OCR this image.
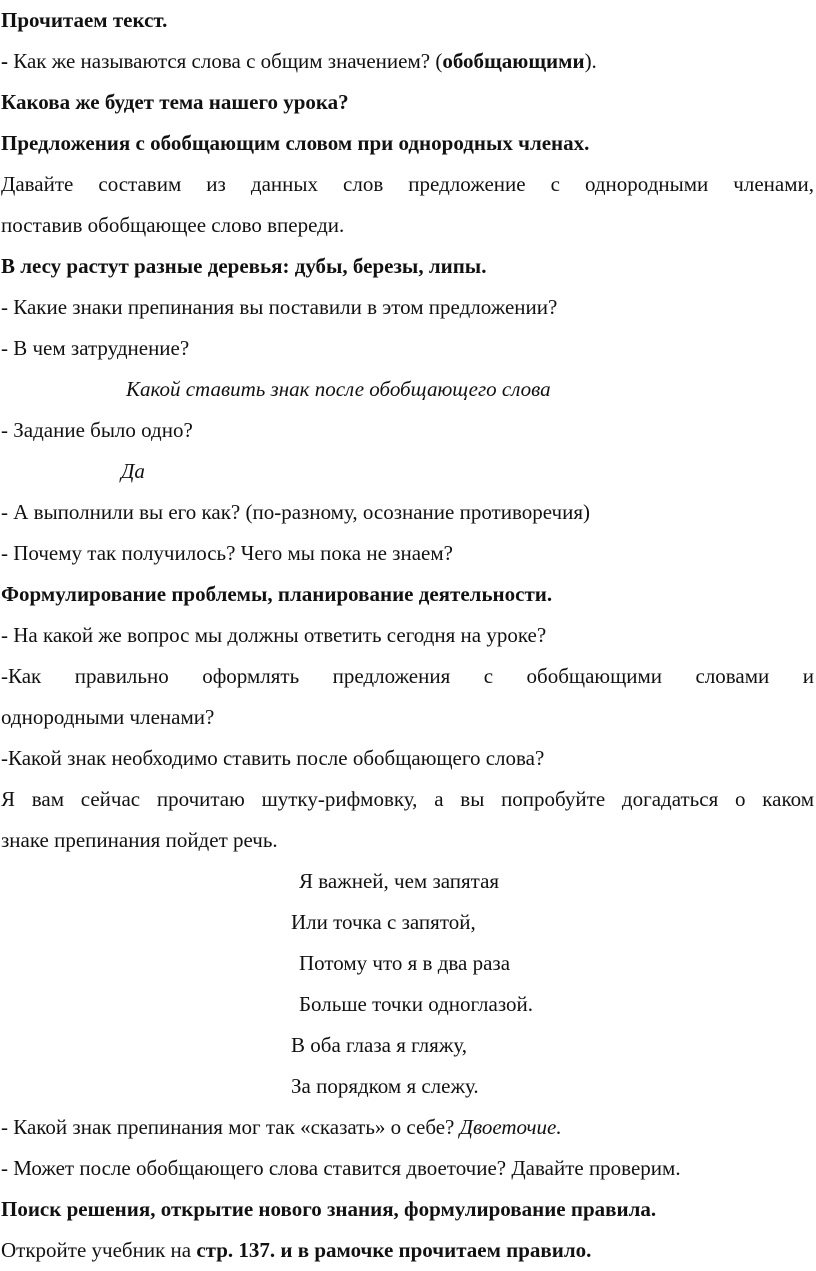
Прочитаем текст.
- Как же называются слова с общим значением? (обобщающими).
Какова же будет тема нашего урока?
Предложения с обобщающим словом при однородных членах.
Давайте составим из данных слов предложение с однородными членами,
поставив обобщающее слово впереди.
В лесу растут разные деревья: дубы, березы, липы.
- Какие знаки препинания вы поставили в этом предложении?
- В чем затруднение?
Какой ставить знак после обобщающего слова
- Задание было одно?
Да
- А выполнили вы его как? (по-разному, осознание противоречия)
- Почему так получилось? Чего мы пока не знаем?
Формулирование проблемы, планирование деятельности.
- На какой же вопрос мы должны ответить сегодня на уроке?
-Как правильно оформлять предложения с обобщающими словами и
однородными членами?
-Какой знак необходимо ставить после обобщающего слова?
Я вам сейчас прочитаю шутку-рифмовку, а вы попробуйте догадаться о каком
знаке препинания пойдет речь.
Я важней, чем запятая
Или точка с запятой,
Потому что я в два раза
Больше точки одноглазой.
В оба глаза я гляжу,
За порядком я слежу.
- Какой знак препинания мог так «сказать» о себе? Двоеточие.
- Может после обобщающего слова ставится двоеточие? Давайте проверим.
Поиск решения, открытие нового знания, формулирование правила.
Откройте учебник на стр. 137. и в рамочке прочитаем правило.
